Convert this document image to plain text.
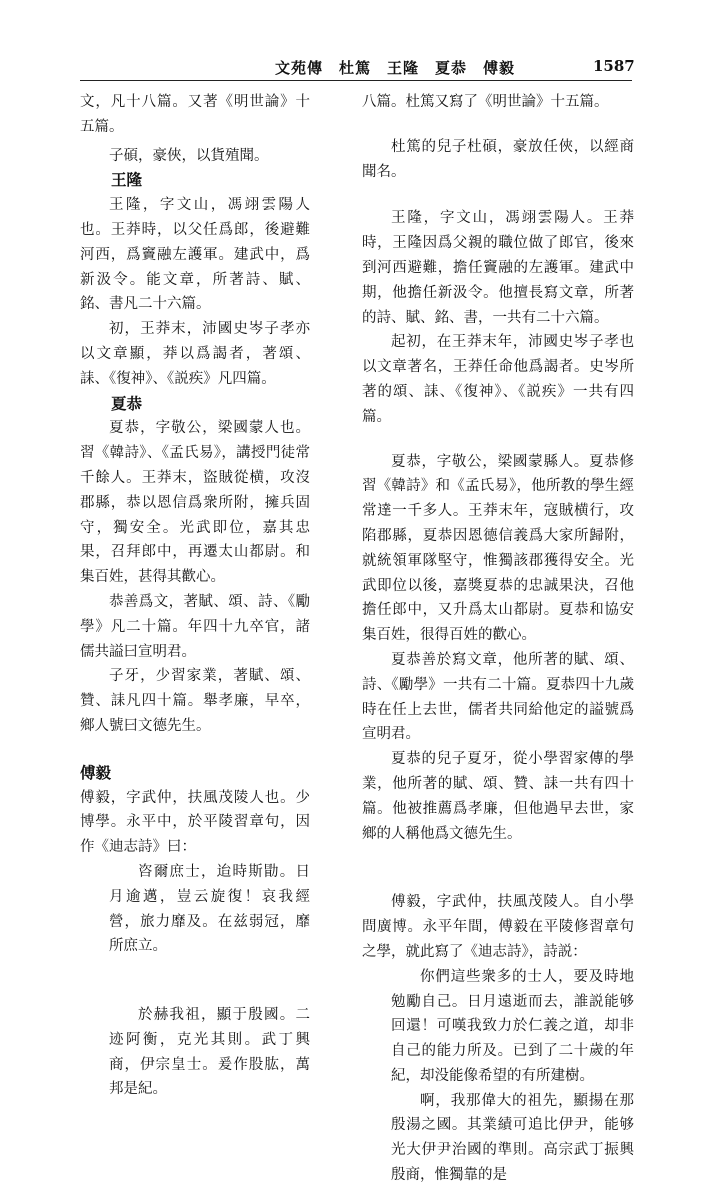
文苑傳　杜篤　王隆　夏恭　傅毅	1587

文，凡十八篇。又著《明世論》十五篇。

子碩，豪俠，以貨殖聞。

王隆

王隆，字文山，馮翊雲陽人也。王莽時，以父任爲郎，後避難河西，爲竇融左護軍。建武中，爲新汲令。能文章，所著詩、賦、銘、書凡二十六篇。

初，王莽末，沛國史岑子孝亦以文章顯，莽以爲謁者，著頌、誄、《復神》、《説疾》凡四篇。

夏恭

夏恭，字敬公，梁國蒙人也。習《韓詩》、《孟氏易》，講授門徒常千餘人。王莽末，盜賊從横，攻沒郡縣，恭以恩信爲衆所附，擁兵固守，獨安全。光武即位，嘉其忠果，召拜郎中，再遷太山都尉。和集百姓，甚得其歡心。

恭善爲文，著賦、頌、詩、《勵學》凡二十篇。年四十九卒官，諸儒共謚曰宣明君。

子牙，少習家業，著賦、頌、贊、誄凡四十篇。舉孝廉，早卒，鄉人號曰文德先生。

傅毅

傅毅，字武仲，扶風茂陵人也。少博學。永平中，於平陵習章句，因作《迪志詩》曰：

咨爾庶士，迨時斯勖。日月逾邁，豈云旋復！哀我經營，旅力靡及。在兹弱冠，靡所庶立。

於赫我祖，顯于殷國。二迹阿衡，克光其則。武丁興商，伊宗皇士。爰作股肱，萬邦是紀。

八篇。杜篤又寫了《明世論》十五篇。

杜篤的兒子杜碩，豪放任俠，以經商聞名。

王隆，字文山，馮翊雲陽人。王莽時，王隆因爲父親的職位做了郎官，後來到河西避難，擔任竇融的左護軍。建武中期，他擔任新汲令。他擅長寫文章，所著的詩、賦、銘、書，一共有二十六篇。

起初，在王莽末年，沛國史岑子孝也以文章著名，王莽任命他爲謁者。史岑所著的頌、誄、《復神》、《説疾》一共有四篇。

夏恭，字敬公，梁國蒙縣人。夏恭修習《韓詩》和《孟氏易》，他所教的學生經常達一千多人。王莽末年，寇賊横行，攻陷郡縣，夏恭因恩德信義爲大家所歸附，就統領軍隊堅守，惟獨該郡獲得安全。光武即位以後，嘉獎夏恭的忠誠果決，召他擔任郎中，又升爲太山都尉。夏恭和協安集百姓，很得百姓的歡心。

夏恭善於寫文章，他所著的賦、頌、詩、《勵學》一共有二十篇。夏恭四十九歲時在任上去世，儒者共同給他定的謚號爲宣明君。

夏恭的兒子夏牙，從小學習家傳的學業，他所著的賦、頌、贊、誄一共有四十篇。他被推薦爲孝廉，但他過早去世，家鄉的人稱他爲文德先生。

傅毅，字武仲，扶風茂陵人。自小學問廣博。永平年間，傅毅在平陵修習章句之學，就此寫了《迪志詩》，詩説：

你們這些衆多的士人，要及時地勉勵自己。日月遠逝而去，誰説能够回還！可嘆我致力於仁義之道，却非自己的能力所及。已到了二十歲的年紀，却没能像希望的有所建樹。

啊，我那偉大的祖先，顯揚在那殷湯之國。其業績可追比伊尹，能够光大伊尹治國的準則。高宗武丁振興殷商，惟獨靠的是
